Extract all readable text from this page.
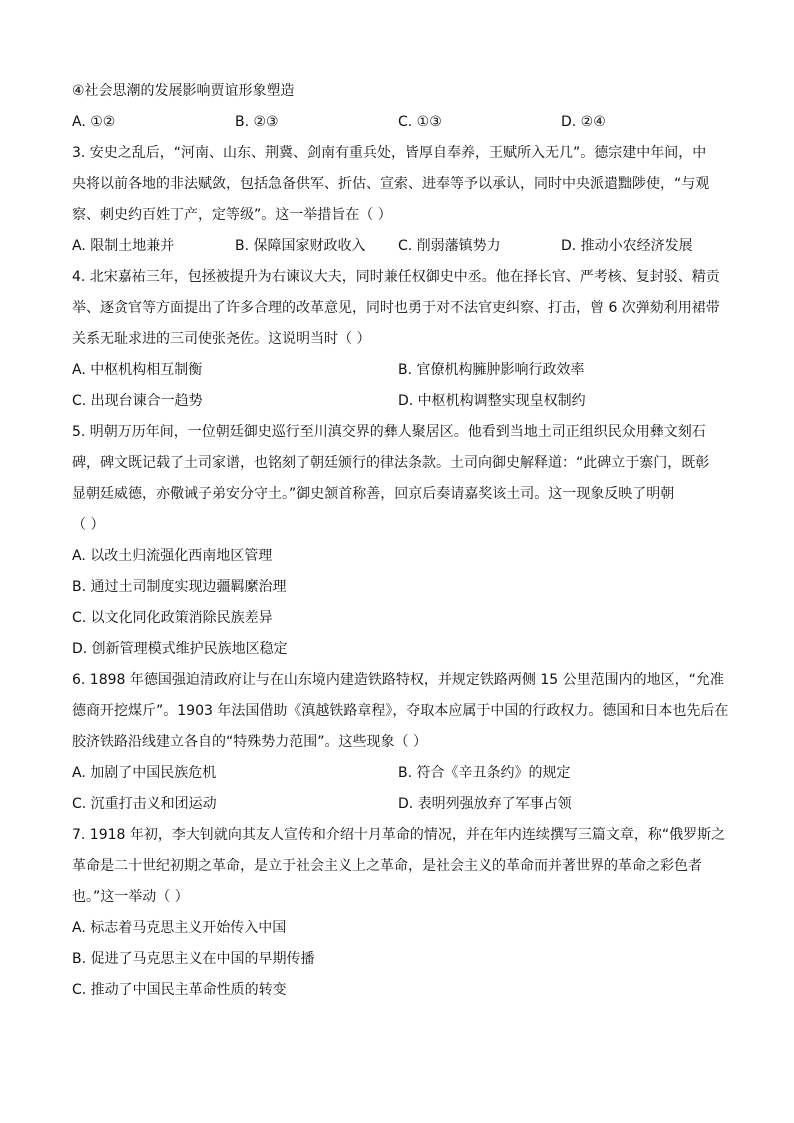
④社会思潮的发展影响贾谊形象塑造
A. ①②	B. ②③	C. ①③	D. ②④
3. 安史之乱后，“河南、山东、荆冀、剑南有重兵处，皆厚自奉养，王赋所入无几”。德宗建中年间，中
央将以前各地的非法赋敛，包括急备供军、折估、宣索、进奉等予以承认，同时中央派遣黜陟使，“与观
察、刺史约百姓丁产，定等级”。这一举措旨在（ ）
A. 限制土地兼并	B. 保障国家财政收入	C. 削弱藩镇势力	D. 推动小农经济发展
4. 北宋嘉祐三年，包拯被提升为右谏议大夫，同时兼任权御史中丞。他在择长官、严考核、复封驳、精贡
举、逐贪官等方面提出了许多合理的改革意见，同时也勇于对不法官吏纠察、打击，曾 6 次弹劾利用裙带
关系无耻求进的三司使张尧佐。这说明当时（ ）
A. 中枢机构相互制衡	B. 官僚机构臃肿影响行政效率
C. 出现台谏合一趋势	D. 中枢机构调整实现皇权制约
5. 明朝万历年间，一位朝廷御史巡行至川滇交界的彝人聚居区。他看到当地土司正组织民众用彝文刻石
碑，碑文既记载了土司家谱，也铭刻了朝廷颁行的律法条款。土司向御史解释道：“此碑立于寨门，既彰
显朝廷威德，亦儆诫子弟安分守土。”御史颔首称善，回京后奏请嘉奖该土司。这一现象反映了明朝
（ ）
A. 以改土归流强化西南地区管理
B. 通过土司制度实现边疆羁縻治理
C. 以文化同化政策消除民族差异
D. 创新管理模式维护民族地区稳定
6. 1898 年德国强迫清政府让与在山东境内建造铁路特权，并规定铁路两侧 15 公里范围内的地区，“允准
德商开挖煤斤”。1903 年法国借助《滇越铁路章程》，夺取本应属于中国的行政权力。德国和日本也先后在
胶济铁路沿线建立各自的“特殊势力范围”。这些现象（ ）
A. 加剧了中国民族危机	B. 符合《辛丑条约》的规定
C. 沉重打击义和团运动	D. 表明列强放弃了军事占领
7. 1918 年初，李大钊就向其友人宣传和介绍十月革命的情况，并在年内连续撰写三篇文章，称“俄罗斯之
革命是二十世纪初期之革命，是立于社会主义上之革命，是社会主义的革命而并著世界的革命之彩色者
也。”这一举动（ ）
A. 标志着马克思主义开始传入中国
B. 促进了马克思主义在中国的早期传播
C. 推动了中国民主革命性质的转变
